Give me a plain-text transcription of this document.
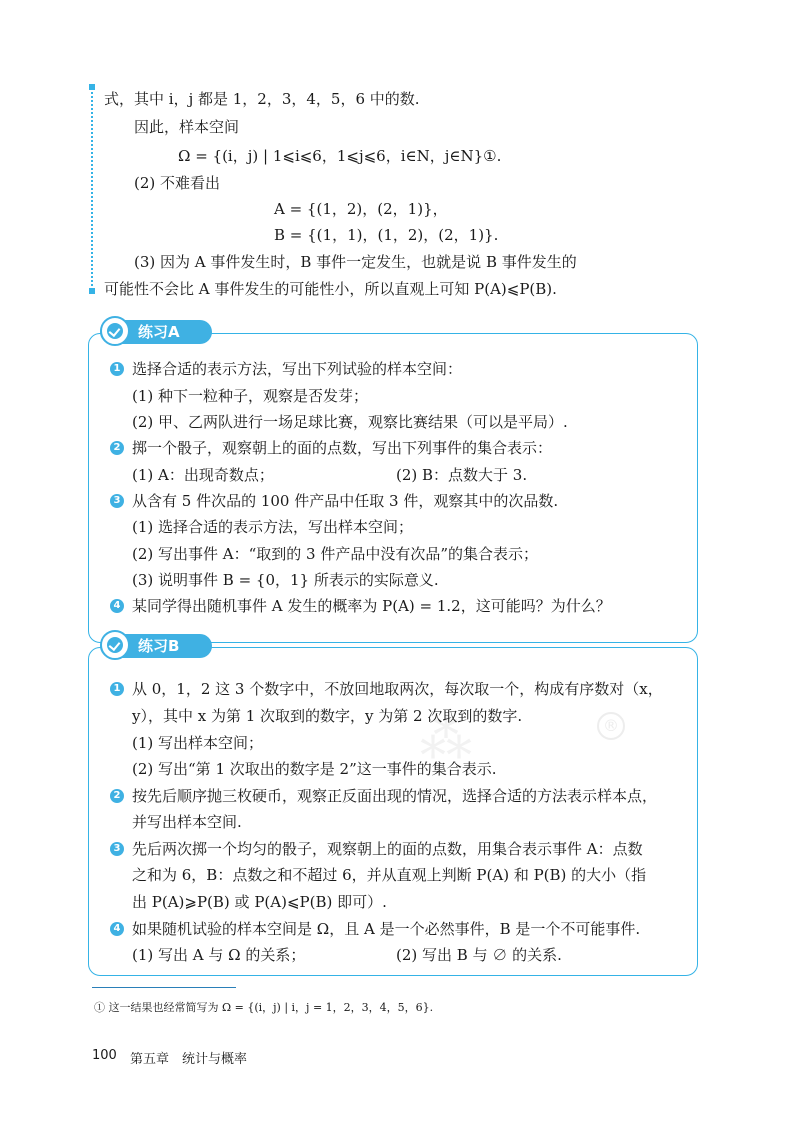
式，其中 i，j 都是 1，2，3，4，5，6 中的数.
因此，样本空间
Ω = {(i，j) | 1⩽i⩽6，1⩽j⩽6，i∈N，j∈N}①.
(2) 不难看出
A = {(1，2)，(2，1)}，
B = {(1，1)，(1，2)，(2，1)}.
(3) 因为 A 事件发生时，B 事件一定发生，也就是说 B 事件发生的
可能性不会比 A 事件发生的可能性小，所以直观上可知 P(A)⩽P(B).
练习A
1 选择合适的表示方法，写出下列试验的样本空间：
(1) 种下一粒种子，观察是否发芽；
(2) 甲、乙两队进行一场足球比赛，观察比赛结果（可以是平局）.
2 掷一个骰子，观察朝上的面的点数，写出下列事件的集合表示：
(1) A：出现奇数点；	(2) B：点数大于 3.
3 从含有 5 件次品的 100 件产品中任取 3 件，观察其中的次品数.
(1) 选择合适的表示方法，写出样本空间；
(2) 写出事件 A：“取到的 3 件产品中没有次品”的集合表示；
(3) 说明事件 B = {0，1} 所表示的实际意义.
4 某同学得出随机事件 A 发生的概率为 P(A) = 1.2，这可能吗？为什么？
练习B
⁂	®
1 从 0，1，2 这 3 个数字中，不放回地取两次，每次取一个，构成有序数对（x，
y），其中 x 为第 1 次取到的数字，y 为第 2 次取到的数字.
(1) 写出样本空间；
(2) 写出“第 1 次取出的数字是 2”这一事件的集合表示.
2 按先后顺序抛三枚硬币，观察正反面出现的情况，选择合适的方法表示样本点，
并写出样本空间.
3 先后两次掷一个均匀的骰子，观察朝上的面的点数，用集合表示事件 A：点数
之和为 6，B：点数之和不超过 6，并从直观上判断 P(A) 和 P(B) 的大小（指
出 P(A)⩾P(B) 或 P(A)⩽P(B) 即可）.
4 如果随机试验的样本空间是 Ω，且 A 是一个必然事件，B 是一个不可能事件.
(1) 写出 A 与 Ω 的关系；	(2) 写出 B 与 ∅ 的关系.
① 这一结果也经常简写为 Ω = {(i，j) | i，j = 1，2，3，4，5，6}.
100 第五章　统计与概率
